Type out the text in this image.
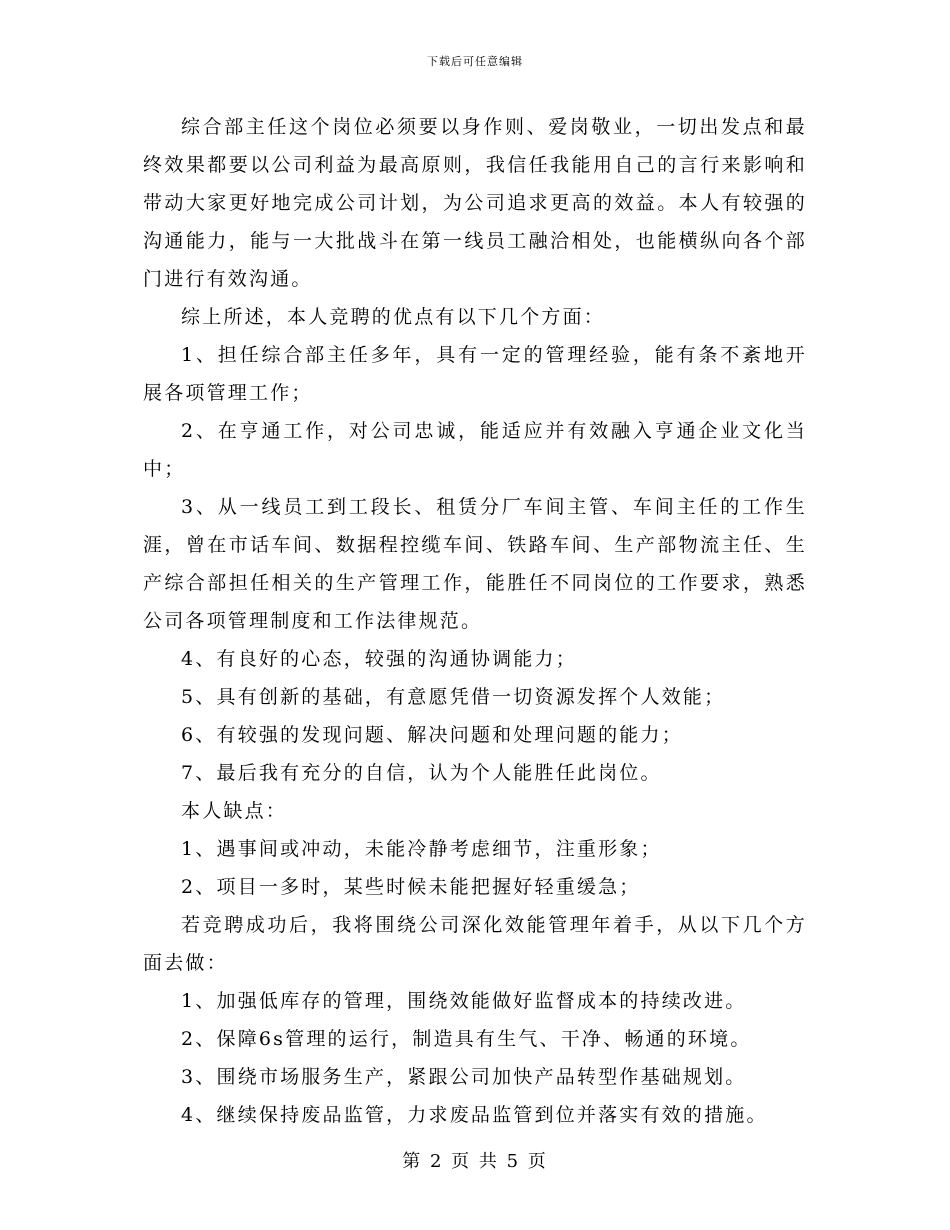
下载后可任意编辑

综合部主任这个岗位必须要以身作则、爱岗敬业，一切出发点和最终效果都要以公司利益为最高原则，我信任我能用自己的言行来影响和带动大家更好地完成公司计划，为公司追求更高的效益。本人有较强的沟通能力，能与一大批战斗在第一线员工融洽相处，也能横纵向各个部门进行有效沟通。

综上所述，本人竞聘的优点有以下几个方面：

1、担任综合部主任多年，具有一定的管理经验，能有条不紊地开展各项管理工作；

2、在亨通工作，对公司忠诚，能适应并有效融入亨通企业文化当中；

3、从一线员工到工段长、租赁分厂车间主管、车间主任的工作生涯，曾在市话车间、数据程控缆车间、铁路车间、生产部物流主任、生产综合部担任相关的生产管理工作，能胜任不同岗位的工作要求，熟悉公司各项管理制度和工作法律规范。

4、有良好的心态，较强的沟通协调能力；

5、具有创新的基础，有意愿凭借一切资源发挥个人效能；

6、有较强的发现问题、解决问题和处理问题的能力；

7、最后我有充分的自信，认为个人能胜任此岗位。

本人缺点：

1、遇事间或冲动，未能冷静考虑细节，注重形象；

2、项目一多时，某些时候未能把握好轻重缓急；

若竞聘成功后，我将围绕公司深化效能管理年着手，从以下几个方面去做：

1、加强低库存的管理，围绕效能做好监督成本的持续改进。

2、保障6s管理的运行，制造具有生气、干净、畅通的环境。

3、围绕市场服务生产，紧跟公司加快产品转型作基础规划。

4、继续保持废品监管，力求废品监管到位并落实有效的措施。

第 2 页 共 5 页
